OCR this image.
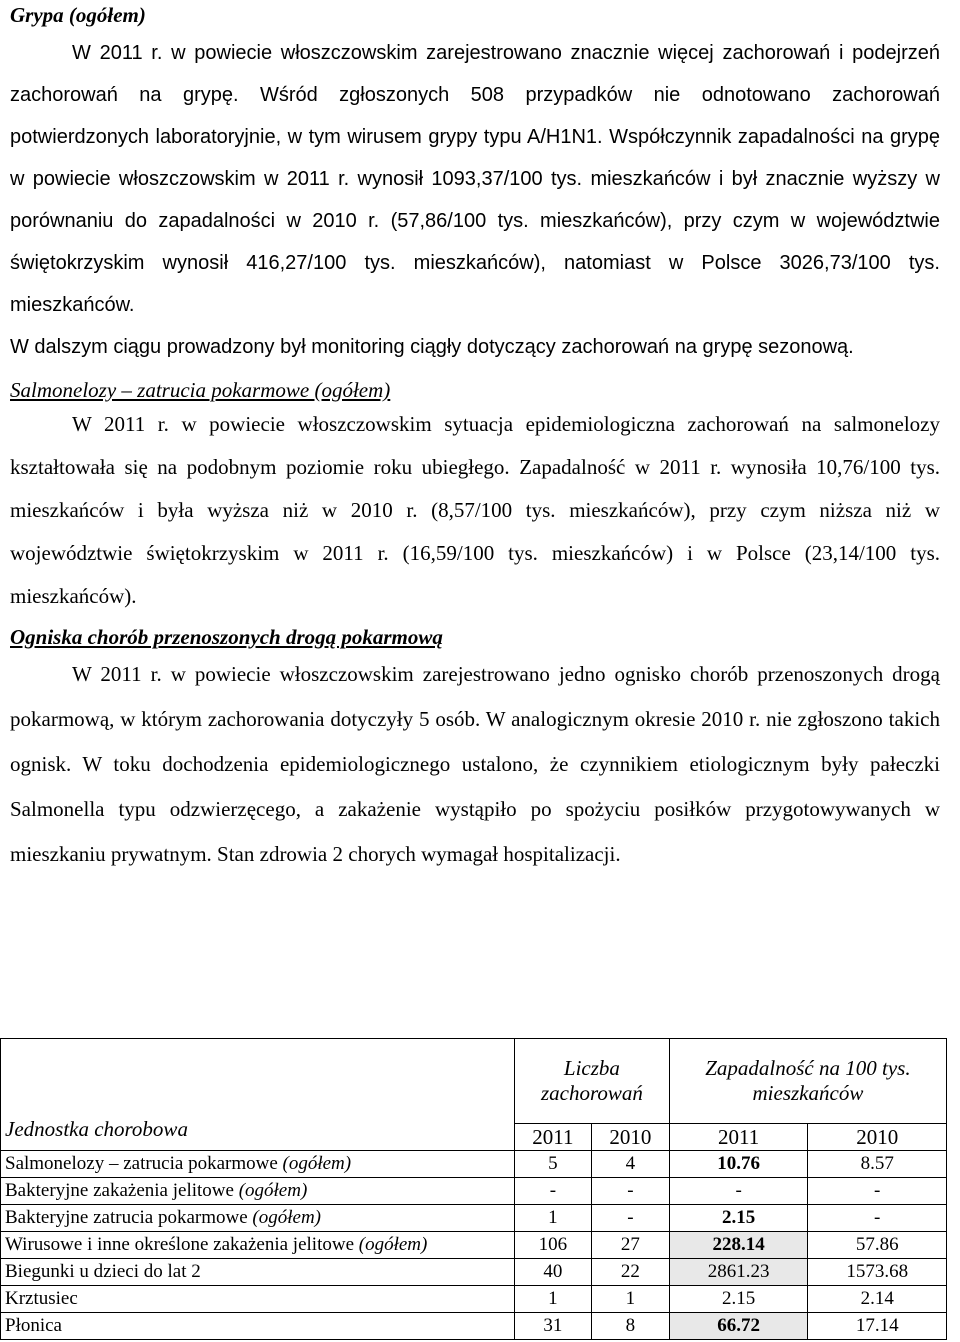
Grypa (ogółem)

W 2011 r. w powiecie włoszczowskim zarejestrowano znacznie więcej zachorowań i podejrzeń zachorowań na grypę. Wśród zgłoszonych 508 przypadków nie odnotowano zachorowań potwierdzonych laboratoryjnie, w tym wirusem grypy typu A/H1N1. Współczynnik zapadalności na grypę w powiecie włoszczowskim w 2011 r. wynosił 1093,37/100 tys. mieszkańców i był znacznie wyższy w porównaniu do zapadalności w 2010 r. (57,86/100 tys. mieszkańców), przy czym w województwie świętokrzyskim wynosił 416,27/100 tys. mieszkańców), natomiast w Polsce 3026,73/100 tys. mieszkańców.

W dalszym ciągu prowadzony był monitoring ciągły dotyczący zachorowań na grypę sezonową.

Salmonelozy – zatrucia pokarmowe (ogółem)

W 2011 r. w powiecie włoszczowskim sytuacja epidemiologiczna zachorowań na salmonelozy kształtowała się na podobnym poziomie roku ubiegłego. Zapadalność w 2011 r. wynosiła 10,76/100 tys. mieszkańców i była wyższa niż w 2010 r. (8,57/100 tys. mieszkańców), przy czym niższa niż w województwie świętokrzyskim w 2011 r. (16,59/100 tys. mieszkańców) i w Polsce (23,14/100 tys. mieszkańców).

Ogniska chorób przenoszonych drogą pokarmową

W 2011 r. w powiecie włoszczowskim zarejestrowano jedno ognisko chorób przenoszonych drogą pokarmową, w którym zachorowania dotyczyły 5 osób. W analogicznym okresie 2010 r. nie zgłoszono takich ognisk. W toku dochodzenia epidemiologicznego ustalono, że czynnikiem etiologicznym były pałeczki Salmonella typu odzwierzęcego, a zakażenie wystąpiło po spożyciu posiłków przygotowywanych w mieszkaniu prywatnym. Stan zdrowia 2 chorych wymagał hospitalizacji.

Jednostka chorobowa	Liczba zachorowań		Zapadalność na 100 tys. mieszkańców	
	2011	2010	2011	2010
Salmonelozy – zatrucia pokarmowe (ogółem)	5	4	10.76	8.57
Bakteryjne zakażenia jelitowe (ogółem)	-	-	-	-
Bakteryjne zatrucia pokarmowe (ogółem)	1	-	2.15	-
Wirusowe i inne określone zakażenia jelitowe (ogółem)	106	27	228.14	57.86
Biegunki u dzieci do lat 2	40	22	2861.23	1573.68
Krztusiec	1	1	2.15	2.14
Płonica	31	8	66.72	17.14
